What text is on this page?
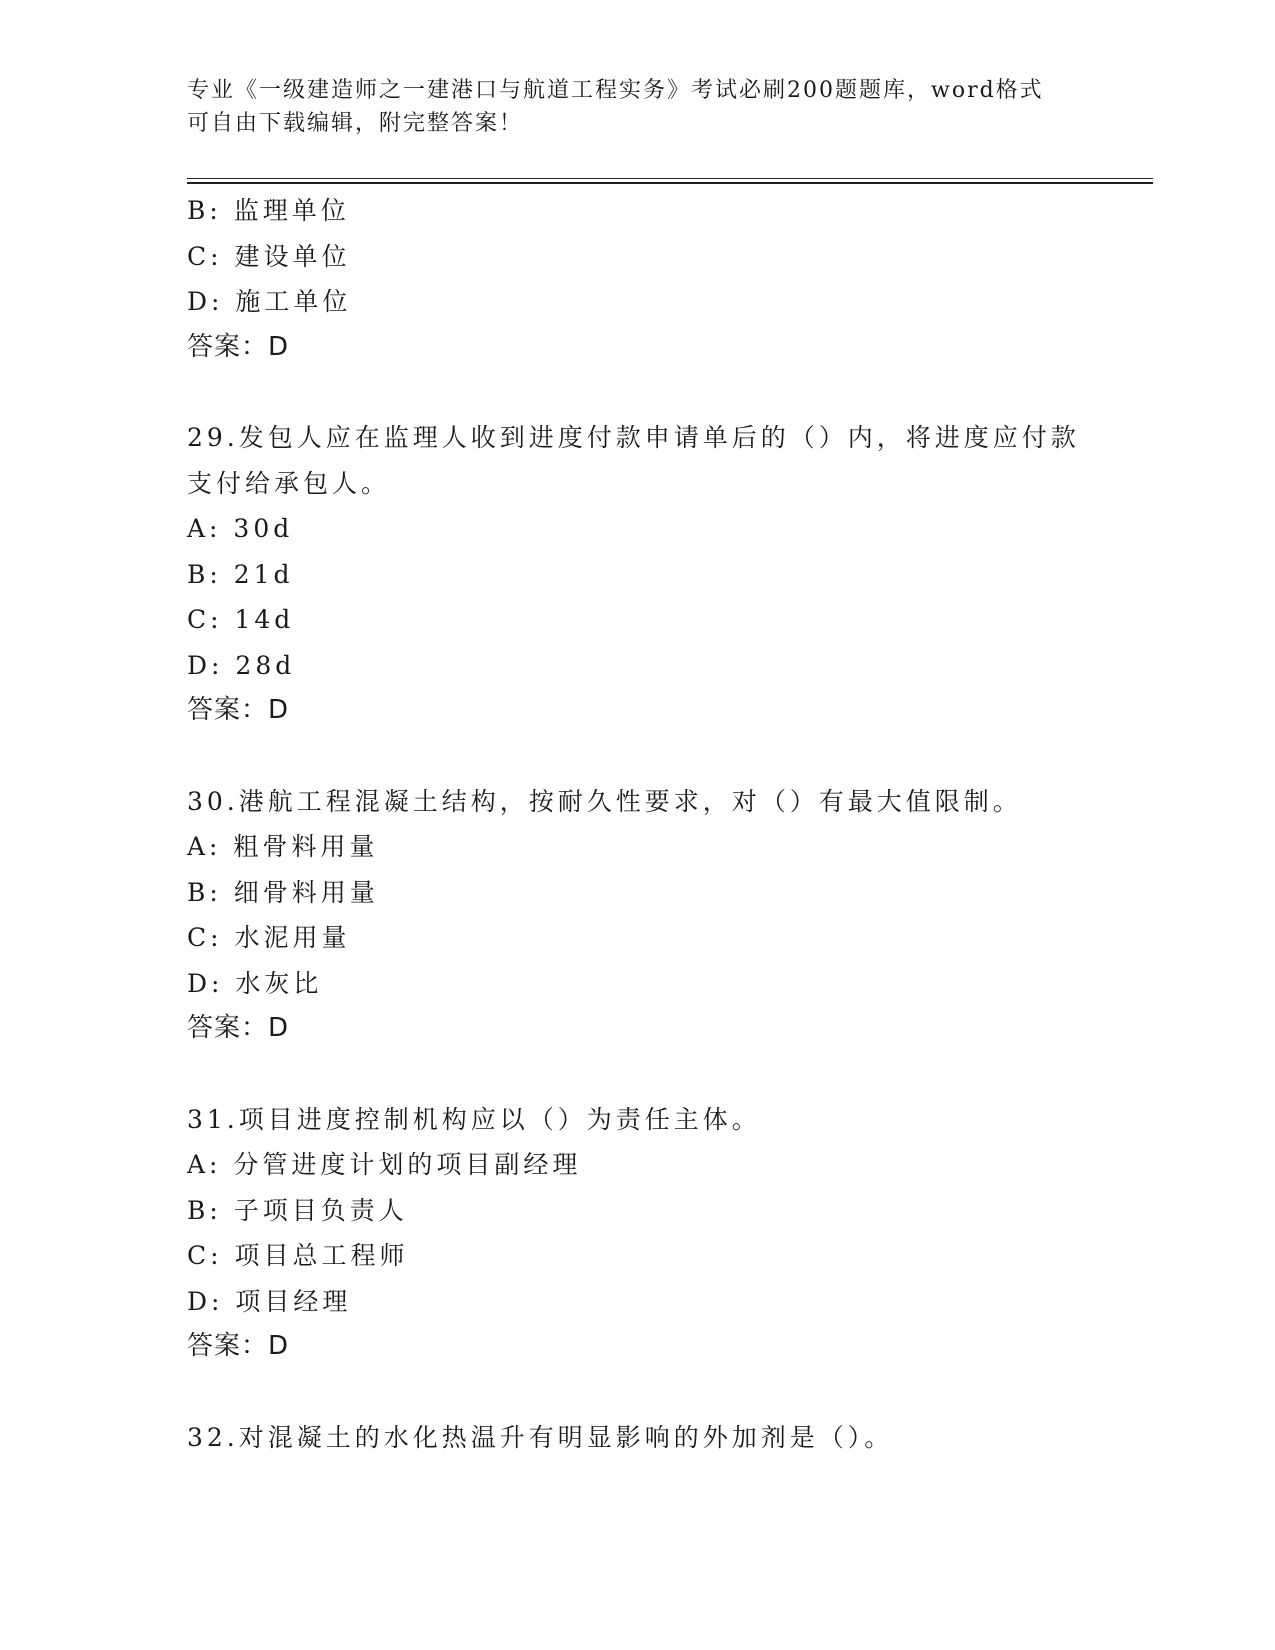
专业《一级建造师之一建港口与航道工程实务》考试必刷200题题库，word格式
可自由下载编辑，附完整答案！
B: 监理单位
C: 建设单位
D: 施工单位
答案：D
29.发包人应在监理人收到进度付款申请单后的（）内，将进度应付款
支付给承包人。
A: 30d
B: 21d
C: 14d
D: 28d
答案：D
30.港航工程混凝土结构，按耐久性要求，对（）有最大值限制。
A: 粗骨料用量
B: 细骨料用量
C: 水泥用量
D: 水灰比
答案：D
31.项目进度控制机构应以（）为责任主体。
A: 分管进度计划的项目副经理
B: 子项目负责人
C: 项目总工程师
D: 项目经理
答案：D
32.对混凝土的水化热温升有明显影响的外加剂是（）。
